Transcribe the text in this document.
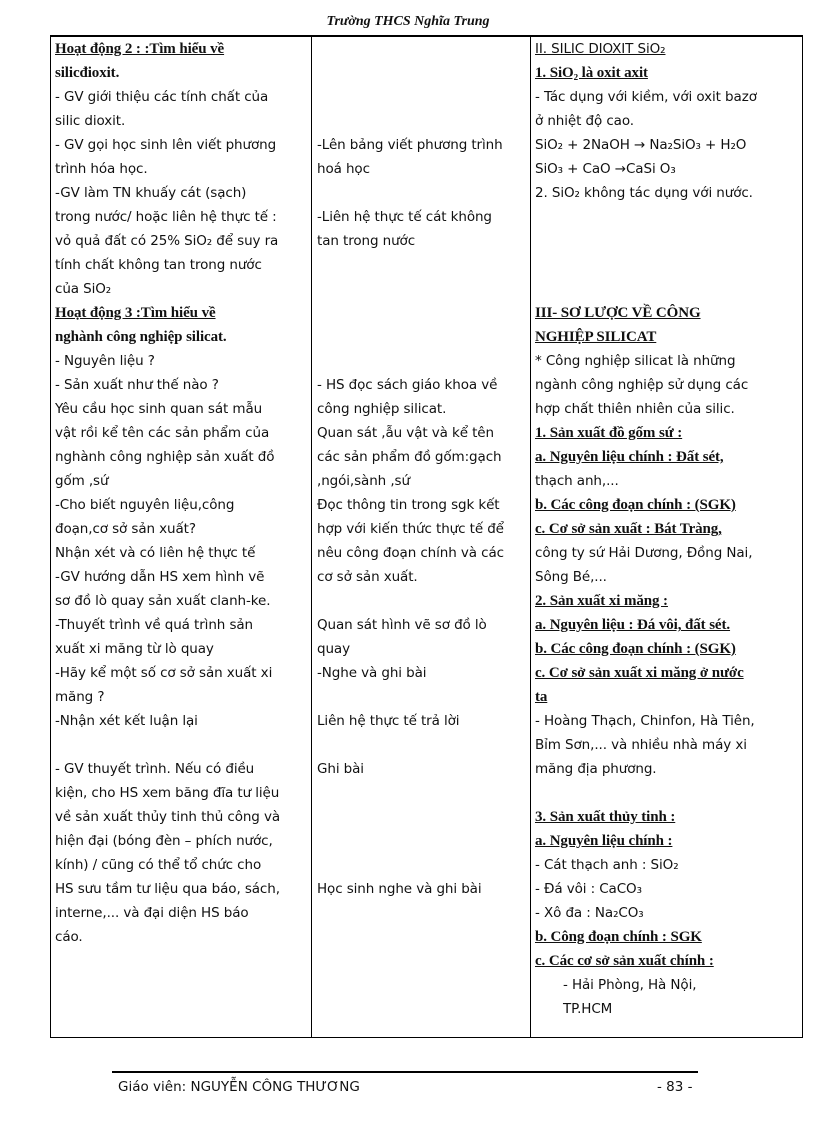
Trường THCS Nghĩa Trung
Hoạt động 2 : :Tìm hiểu về
silicđioxit.
- GV giới thiệu các tính chất của
silic dioxit.
- GV gọi học sinh lên viết phương
trình hóa học.
-GV làm TN khuấy cát (sạch)
trong nước/ hoặc liên hệ thực tế :
vỏ quả đất có 25% SiO₂ để suy ra
tính chất không tan trong nước
của SiO₂
Hoạt động 3 :Tìm hiểu về
nghành công nghiệp silicat.
- Nguyên liệu ?
- Sản xuất như thế nào ?
Yêu cầu học sinh quan sát mẫu
vật rồi kể tên các sản phẩm của
nghành công nghiệp sản xuất đồ
gốm ,sứ
-Cho biết nguyên liệu,công
đoạn,cơ sở sản xuất?
Nhận xét và có liên hệ thực tế
-GV hướng dẫn HS xem hình vẽ
sơ đồ lò quay sản xuất clanh-ke.
-Thuyết trình về quá trình sản
xuất xi măng từ lò quay
-Hãy kể một số cơ sở sản xuất xi
măng ?
-Nhận xét kết luận lại
- GV thuyết trình. Nếu có điều
kiện, cho HS xem băng đĩa tư liệu
về sản xuất thủy tinh thủ công và
hiện đại (bóng đèn – phích nước,
kính) / cũng có thể tổ chức cho
HS sưu tầm tư liệu qua báo, sách,
interne,... và đại diện HS báo
cáo.
-Lên bảng viết phương trình
hoá học
-Liên hệ thực tế cát không
tan trong nước
- HS đọc sách giáo khoa về
công nghiệp silicat.
Quan sát ,ẫu vật và kể tên
các sản phẩm đồ gốm:gạch
,ngói,sành ,sứ
Đọc thông tin trong sgk kết
hợp với kiến thức thực tế để
nêu công đoạn chính và các
cơ sở sản xuất.
Quan sát hình vẽ sơ đồ lò
quay
-Nghe và ghi bài
Liên hệ thực tế trả lời
Ghi bài
Học sinh nghe và ghi bài
II. SILIC DIOXIT SiO₂
1. SiO₂ là oxit axit
- Tác dụng với kiềm, với oxit bazơ
ở nhiệt độ cao.
SiO₂ + 2NaOH → Na₂SiO₃ + H₂O
SiO₃ + CaO →CaSi O₃
2. SiO₂ không tác dụng với nước.
III- SƠ LƯỢC VỀ CÔNG
NGHIỆP SILICAT
* Công nghiệp silicat là những
ngành công nghiệp sử dụng các
hợp chất thiên nhiên của silic.
1. Sản xuất đồ gốm sứ :
a. Nguyên liệu chính : Đất sét,
thạch anh,...
b. Các công đoạn chính : (SGK)
c. Cơ sở sản xuất : Bát Tràng,
công ty sứ Hải Dương, Đồng Nai,
Sông Bé,...
2. Sản xuất xi măng :
a. Nguyên liệu : Đá vôi, đất sét.
b. Các công đoạn chính : (SGK)
c. Cơ sở sản xuất xi măng ở nước
ta
- Hoàng Thạch, Chinfon, Hà Tiên,
Bỉm Sơn,... và nhiều nhà máy xi
măng địa phương.
3. Sản xuất thủy tinh :
a. Nguyên liệu chính :
- Cát thạch anh : SiO₂
- Đá vôi : CaCO₃
- Xô đa : Na₂CO₃
b. Công đoạn chính : SGK
c. Các cơ sở sản xuất chính :
- Hải Phòng, Hà Nội,
TP.HCM
Giáo viên: NGUYỄN CÔNG THƯƠNG	- 83 -
